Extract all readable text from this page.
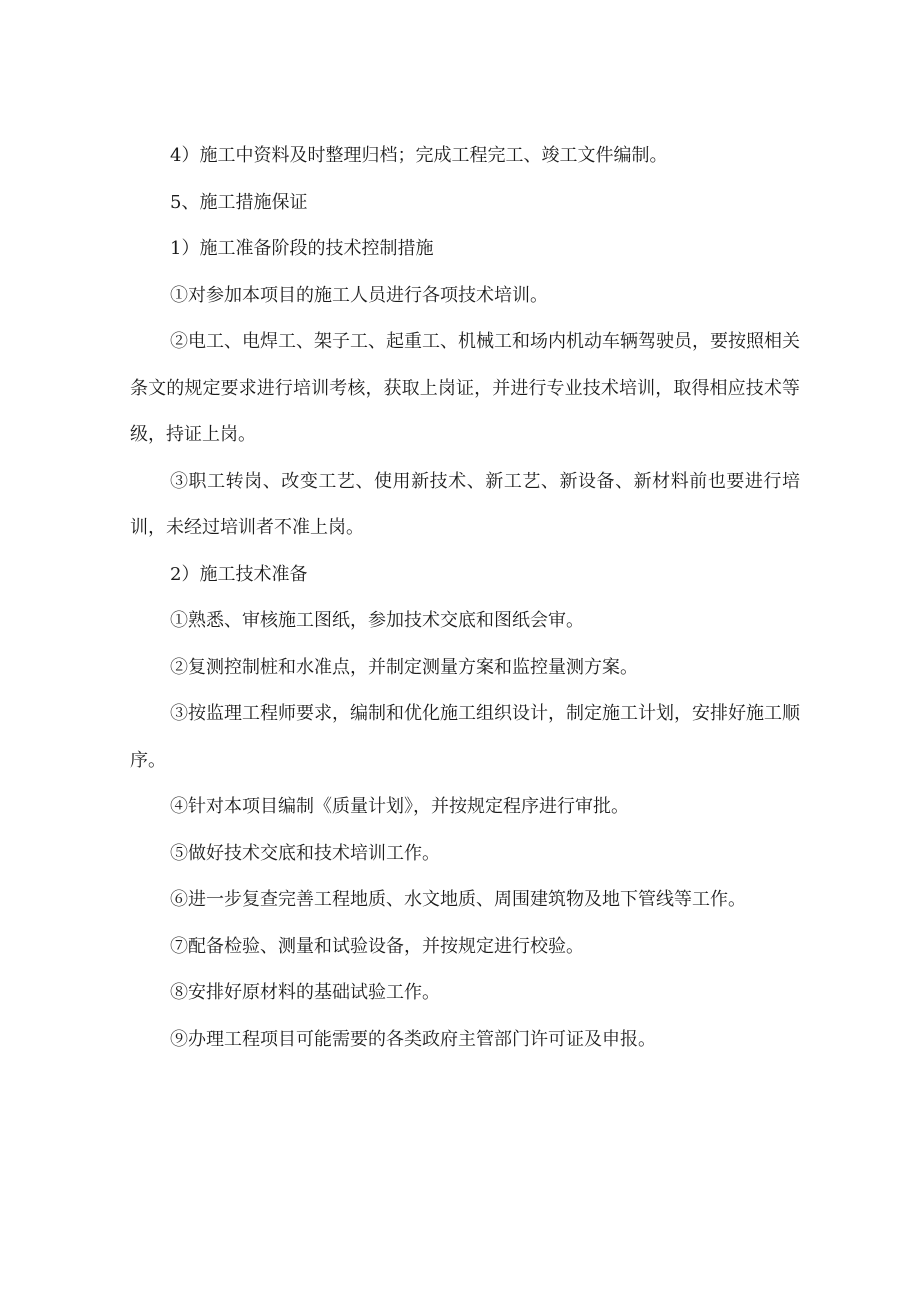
4）施工中资料及时整理归档；完成工程完工、竣工文件编制。

5、施工措施保证

1）施工准备阶段的技术控制措施

①对参加本项目的施工人员进行各项技术培训。

②电工、电焊工、架子工、起重工、机械工和场内机动车辆驾驶员，要按照相关条文的规定要求进行培训考核，获取上岗证，并进行专业技术培训，取得相应技术等级，持证上岗。

③职工转岗、改变工艺、使用新技术、新工艺、新设备、新材料前也要进行培训，未经过培训者不准上岗。

2）施工技术准备

①熟悉、审核施工图纸，参加技术交底和图纸会审。

②复测控制桩和水准点，并制定测量方案和监控量测方案。

③按监理工程师要求，编制和优化施工组织设计，制定施工计划，安排好施工顺序。

④针对本项目编制《质量计划》，并按规定程序进行审批。

⑤做好技术交底和技术培训工作。

⑥进一步复查完善工程地质、水文地质、周围建筑物及地下管线等工作。

⑦配备检验、测量和试验设备，并按规定进行校验。

⑧安排好原材料的基础试验工作。

⑨办理工程项目可能需要的各类政府主管部门许可证及申报。
